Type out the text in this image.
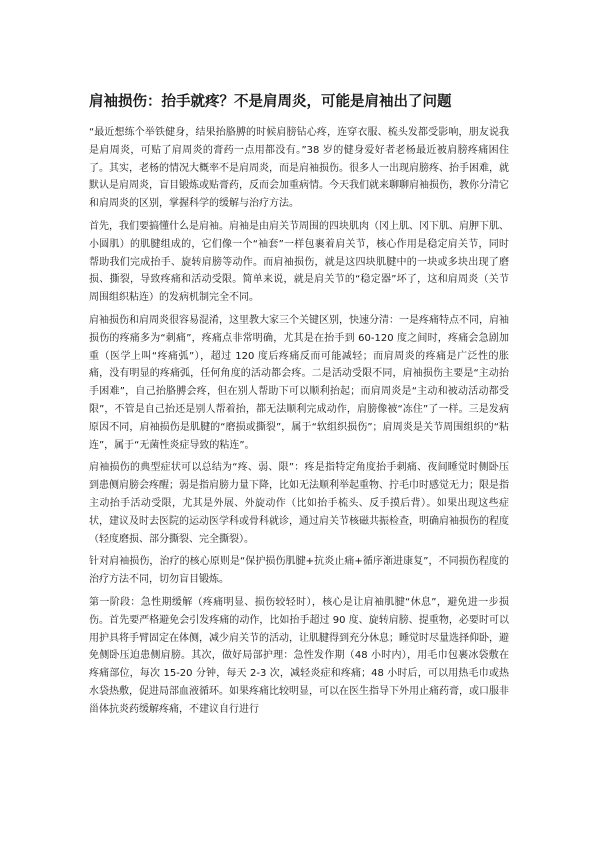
肩袖损伤：抬手就疼？不是肩周炎，可能是肩袖出了问题

“最近想练个举铁健身，结果抬胳膊的时候肩膀钻心疼，连穿衣服、梳头发都受影响，朋友说我是肩周炎，可贴了肩周炎的膏药一点用都没有。”38 岁的健身爱好者老杨最近被肩膀疼痛困住了。其实，老杨的情况大概率不是肩周炎，而是肩袖损伤。很多人一出现肩膀疼、抬手困难，就默认是肩周炎，盲目锻炼或贴膏药，反而会加重病情。今天我们就来聊聊肩袖损伤，教你分清它和肩周炎的区别，掌握科学的缓解与治疗方法。

首先，我们要搞懂什么是肩袖。肩袖是由肩关节周围的四块肌肉（冈上肌、冈下肌、肩胛下肌、小圆肌）的肌腱组成的，它们像一个“袖套”一样包裹着肩关节，核心作用是稳定肩关节，同时帮助我们完成抬手、旋转肩膀等动作。而肩袖损伤，就是这四块肌腱中的一块或多块出现了磨损、撕裂，导致疼痛和活动受限。简单来说，就是肩关节的“稳定器”坏了，这和肩周炎（关节周围组织粘连）的发病机制完全不同。

肩袖损伤和肩周炎很容易混淆，这里教大家三个关键区别，快速分清：一是疼痛特点不同，肩袖损伤的疼痛多为“刺痛”，疼痛点非常明确，尤其是在抬手到 60-120 度之间时，疼痛会急剧加重（医学上叫“疼痛弧”），超过 120 度后疼痛反而可能减轻；而肩周炎的疼痛是广泛性的胀痛，没有明显的疼痛弧，任何角度的活动都会疼。二是活动受限不同，肩袖损伤主要是“主动抬手困难”，自己抬胳膊会疼，但在别人帮助下可以顺利抬起；而肩周炎是“主动和被动活动都受限”，不管是自己抬还是别人帮着抬，都无法顺利完成动作，肩膀像被“冻住”了一样。三是发病原因不同，肩袖损伤是肌腱的“磨损或撕裂”，属于“软组织损伤”；肩周炎是关节周围组织的“粘连”，属于“无菌性炎症导致的粘连”。

肩袖损伤的典型症状可以总结为“疼、弱、限”：疼是指特定角度抬手刺痛、夜间睡觉时侧卧压到患侧肩膀会疼醒；弱是指肩膀力量下降，比如无法顺利举起重物、拧毛巾时感觉无力；限是指主动抬手活动受限，尤其是外展、外旋动作（比如抬手梳头、反手摸后背）。如果出现这些症状，建议及时去医院的运动医学科或骨科就诊，通过肩关节核磁共振检查，明确肩袖损伤的程度（轻度磨损、部分撕裂、完全撕裂）。

针对肩袖损伤，治疗的核心原则是“保护损伤肌腱+抗炎止痛+循序渐进康复”，不同损伤程度的治疗方法不同，切勿盲目锻炼。

第一阶段：急性期缓解（疼痛明显、损伤较轻时），核心是让肩袖肌腱“休息”，避免进一步损伤。首先要严格避免会引发疼痛的动作，比如抬手超过 90 度、旋转肩膀、提重物，必要时可以用护具将手臂固定在体侧，减少肩关节的活动，让肌腱得到充分休息；睡觉时尽量选择仰卧，避免侧卧压迫患侧肩膀。其次，做好局部护理：急性发作期（48 小时内），用毛巾包裹冰袋敷在疼痛部位，每次 15-20 分钟，每天 2-3 次，减轻炎症和疼痛；48 小时后，可以用热毛巾或热水袋热敷，促进局部血液循环。如果疼痛比较明显，可以在医生指导下外用止痛药膏，或口服非甾体抗炎药缓解疼痛，不建议自行进行
